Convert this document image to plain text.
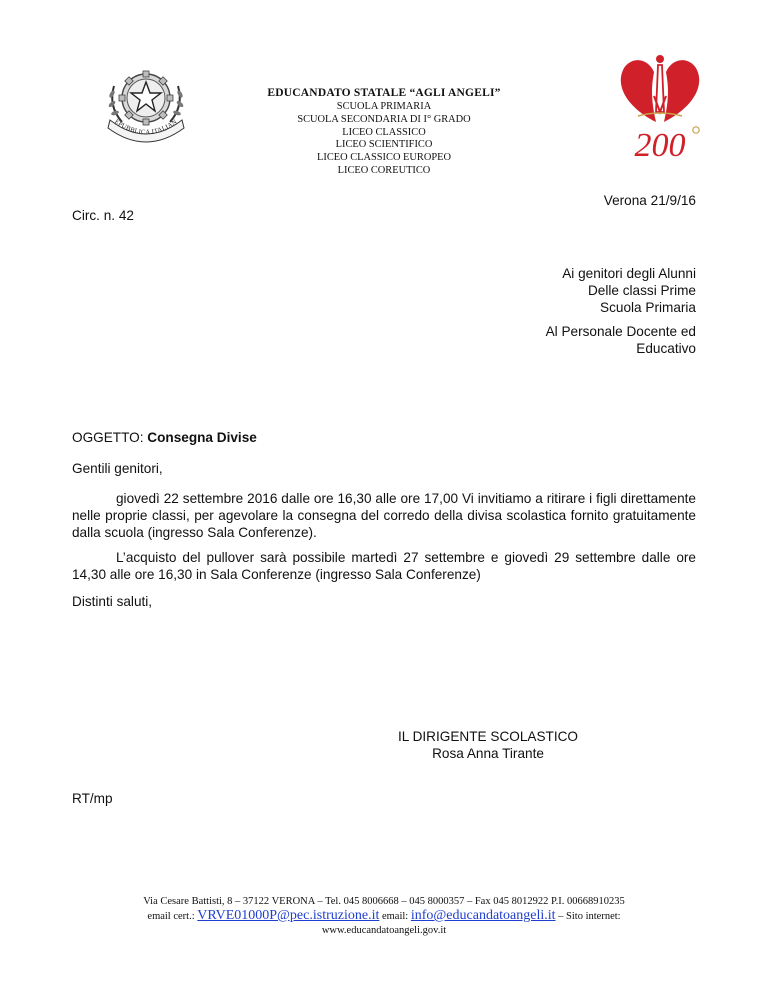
EPUBBLICA ITALIAN
200
EDUCANDATO STATALE “AGLI ANGELI”
SCUOLA PRIMARIA
SCUOLA SECONDARIA DI I° GRADO
LICEO CLASSICO
LICEO SCIENTIFICO
LICEO CLASSICO EUROPEO
LICEO COREUTICO
Verona 21/9/16
Circ. n. 42
Ai genitori degli Alunni
Delle classi Prime
Scuola Primaria
Al Personale Docente ed
Educativo
OGGETTO: Consegna Divise
Gentili genitori,
giovedì 22 settembre 2016 dalle ore 16,30 alle ore 17,00 Vi invitiamo a ritirare i figli direttamente nelle proprie classi, per agevolare la consegna del corredo della divisa scolastica fornito gratuitamente dalla scuola (ingresso Sala Conferenze).
L’acquisto del pullover sarà possibile martedì 27 settembre e giovedì 29 settembre dalle ore 14,30 alle ore 16,30 in Sala Conferenze (ingresso Sala Conferenze)
Distinti saluti,
IL DIRIGENTE SCOLASTICO
Rosa Anna Tirante
RT/mp
Via Cesare Battisti, 8 – 37122 VERONA – Tel. 045 8006668 – 045 8000357 – Fax 045 8012922 P.I. 00668910235
email cert.: VRVE01000P@pec.istruzione.it email: info@educandatoangeli.it – Sito internet:
www.educandatoangeli.gov.it
